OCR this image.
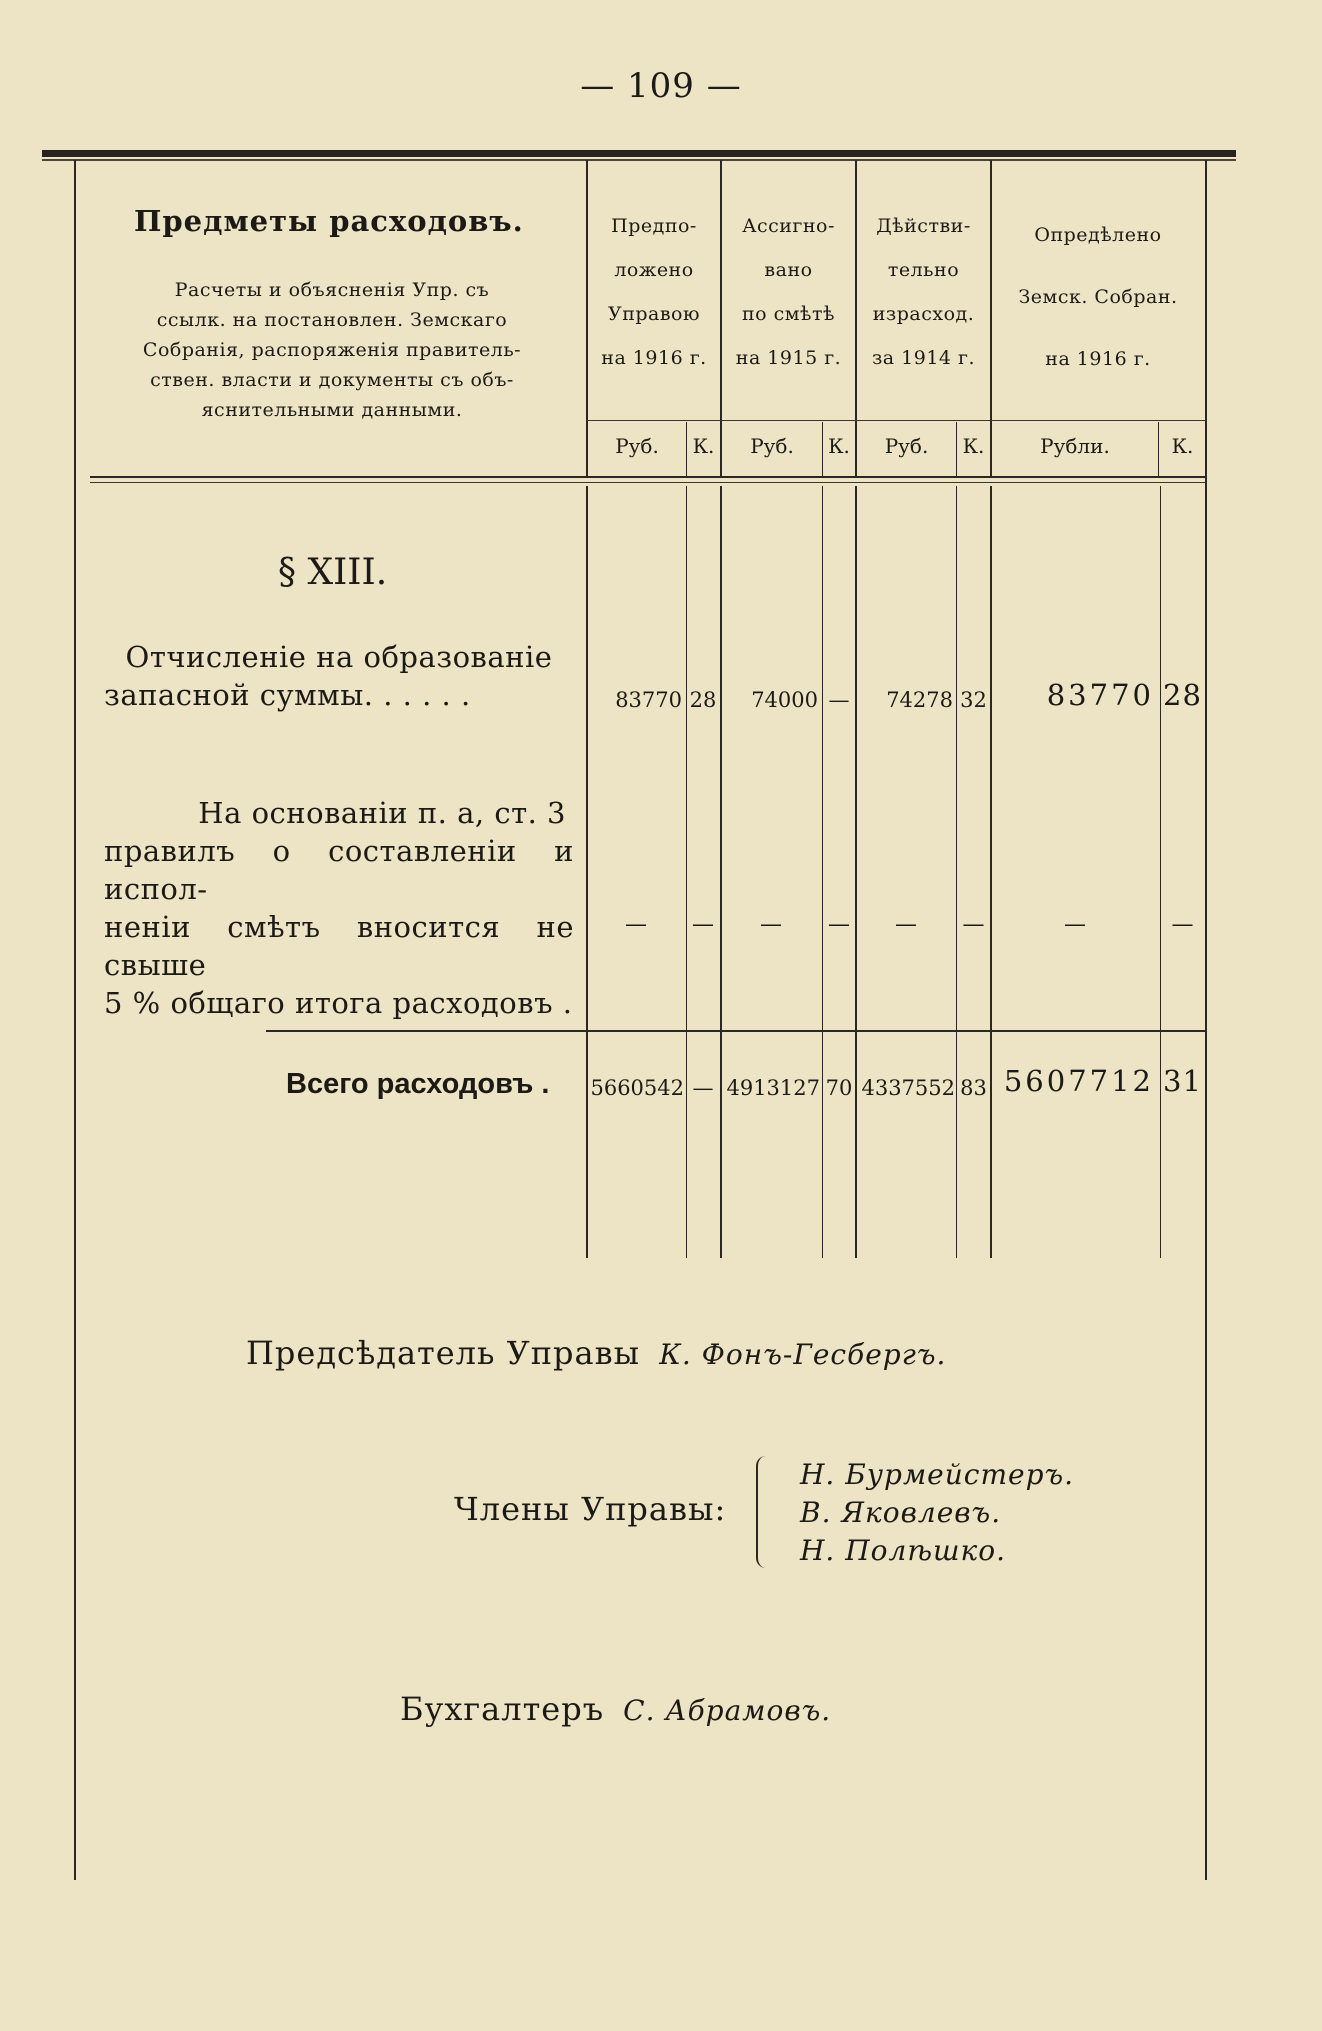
— 109 —
Предметы расходовъ.
Расчеты и объясненія Упр. съ
ссылк. на постановлен. Земскаго
Собранія, распоряженія правитель-
ствен. власти и документы съ объ-
яснительными данными.
Предпо-
ложено
Управою
на 1916 г.
Ассигно-
вано
по смѣтѣ
на 1915 г.
Дѣйстви-
тельно
израсход.
за 1914 г.
Опредѣлено
Земск. Собран.
на 1916 г.
Руб.	К.	Руб.	К.	Руб.	К.	Рубли.	К.
§ XIII.
Отчисленіе на образованіе
запасной суммы. . . . . .	83770 28	74000 —	74278 32	83770 28
На основаніи п. а, ст. 3
правилъ о составленіи и испол-
неніи смѣтъ вносится не свыше
5 % общаго итога расходовъ .
—	—	—	—	—	—	—	—
Всего расходовъ . 5660542 — 4913127 70 4337552 83 5607712 31
Предсѣдатель Управы К. Фонъ-Гесбергъ.
Члены Управы:
Н. Бурмейстеръ.
В. Яковлевъ.
Н. Полѣшко.
Бухгалтеръ С. Абрамовъ.
